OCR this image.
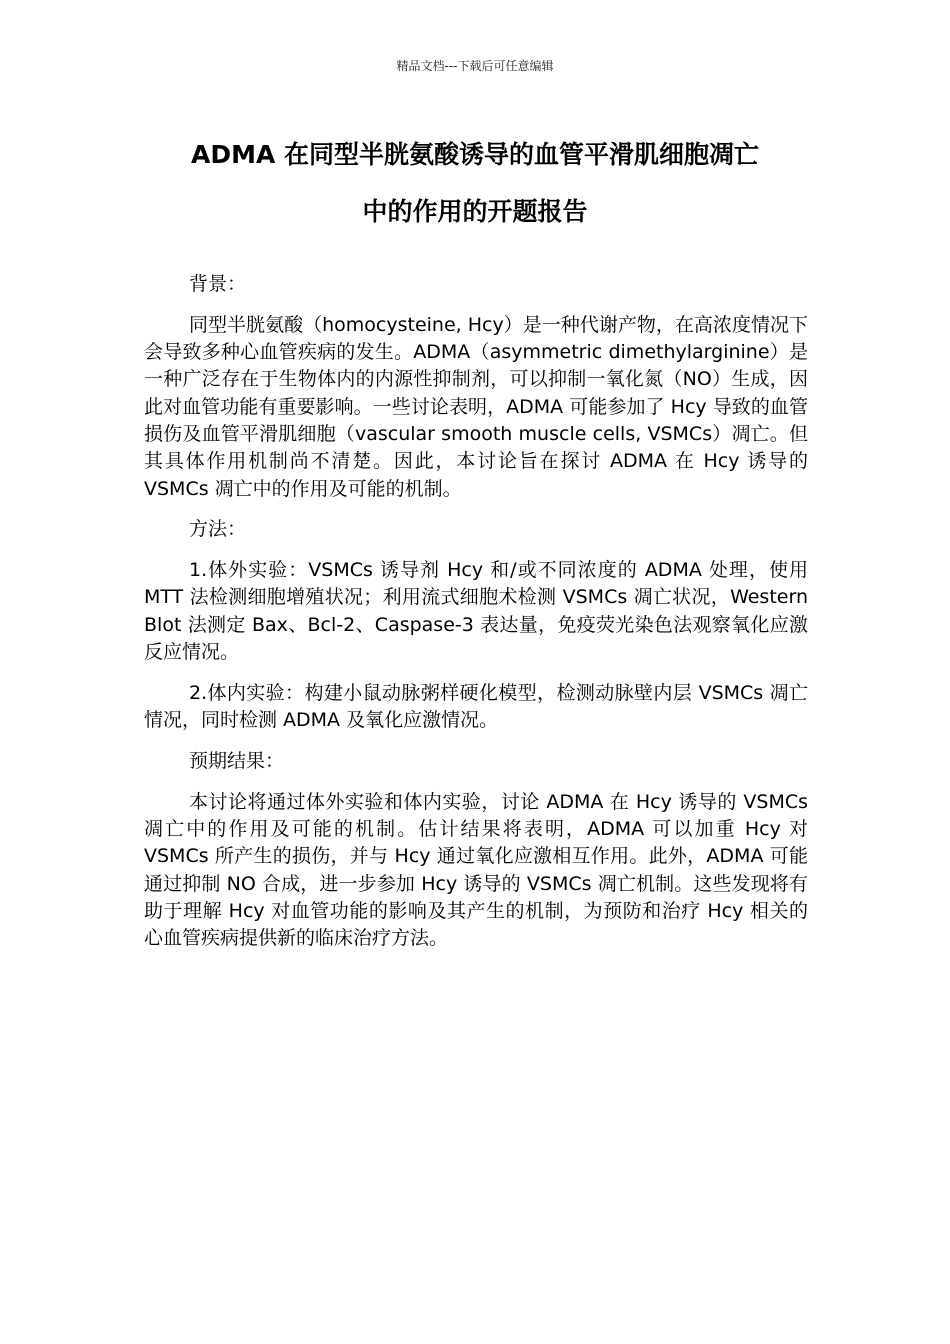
精品文档---下载后可任意编辑
ADMA 在同型半胱氨酸诱导的血管平滑肌细胞凋亡
中的作用的开题报告

背景：

同型半胱氨酸（homocysteine, Hcy）是一种代谢产物，在高浓度情况下会导致多种心血管疾病的发生。ADMA（asymmetric dimethylarginine）是一种广泛存在于生物体内的内源性抑制剂，可以抑制一氧化氮（NO）生成，因此对血管功能有重要影响。一些讨论表明，ADMA 可能参加了 Hcy 导致的血管损伤及血管平滑肌细胞（vascular smooth muscle cells, VSMCs）凋亡。但其具体作用机制尚不清楚。因此，本讨论旨在探讨 ADMA 在 Hcy 诱导的 VSMCs 凋亡中的作用及可能的机制。

方法：

1.体外实验：VSMCs 诱导剂 Hcy 和/或不同浓度的 ADMA 处理，使用 MTT 法检测细胞增殖状况；利用流式细胞术检测 VSMCs 凋亡状况，Western Blot 法测定 Bax、Bcl-2、Caspase-3 表达量，免疫荧光染色法观察氧化应激反应情况。

2.体内实验：构建小鼠动脉粥样硬化模型，检测动脉壁内层 VSMCs 凋亡情况，同时检测 ADMA 及氧化应激情况。

预期结果：

本讨论将通过体外实验和体内实验，讨论 ADMA 在 Hcy 诱导的 VSMCs 凋亡中的作用及可能的机制。估计结果将表明，ADMA 可以加重 Hcy 对 VSMCs 所产生的损伤，并与 Hcy 通过氧化应激相互作用。此外，ADMA 可能通过抑制 NO 合成，进一步参加 Hcy 诱导的 VSMCs 凋亡机制。这些发现将有助于理解 Hcy 对血管功能的影响及其产生的机制，为预防和治疗 Hcy 相关的心血管疾病提供新的临床治疗方法。
